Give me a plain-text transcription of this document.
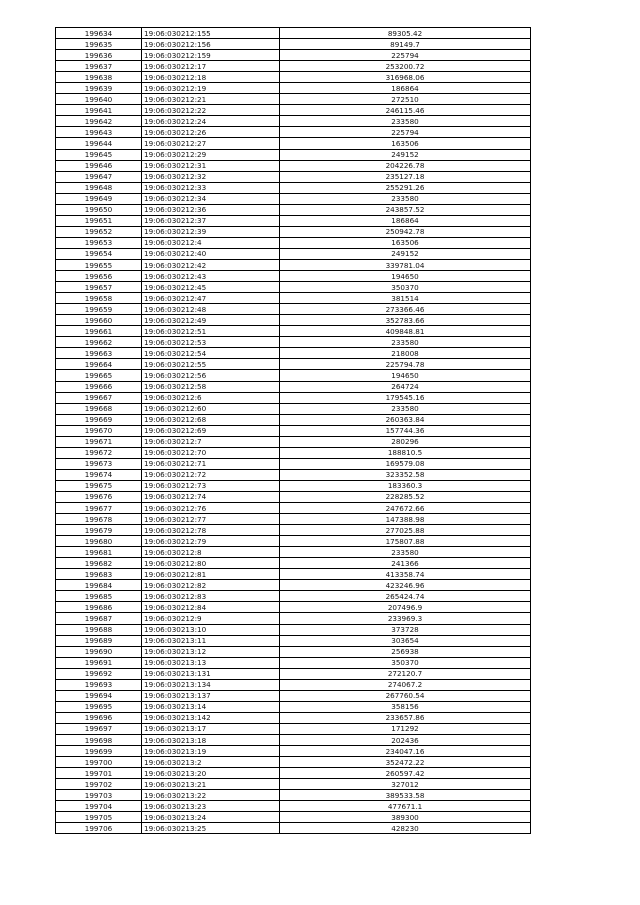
199634	19:06:030212:155	89305.42
199635	19:06:030212:156	89149.7
199636	19:06:030212:159	225794
199637	19:06:030212:17	253200.72
199638	19:06:030212:18	316968.06
199639	19:06:030212:19	186864
199640	19:06:030212:21	272510
199641	19:06:030212:22	246115.46
199642	19:06:030212:24	233580
199643	19:06:030212:26	225794
199644	19:06:030212:27	163506
199645	19:06:030212:29	249152
199646	19:06:030212:31	204226.78
199647	19:06:030212:32	235127.18
199648	19:06:030212:33	255291.26
199649	19:06:030212:34	233580
199650	19:06:030212:36	243857.52
199651	19:06:030212:37	186864
199652	19:06:030212:39	250942.78
199653	19:06:030212:4	163506
199654	19:06:030212:40	249152
199655	19:06:030212:42	339781.04
199656	19:06:030212:43	194650
199657	19:06:030212:45	350370
199658	19:06:030212:47	381514
199659	19:06:030212:48	273366.46
199660	19:06:030212:49	352783.66
199661	19:06:030212:51	409848.81
199662	19:06:030212:53	233580
199663	19:06:030212:54	218008
199664	19:06:030212:55	225794.78
199665	19:06:030212:56	194650
199666	19:06:030212:58	264724
199667	19:06:030212:6	179545.16
199668	19:06:030212:60	233580
199669	19:06:030212:68	260363.84
199670	19:06:030212:69	157744.36
199671	19:06:030212:7	280296
199672	19:06:030212:70	188810.5
199673	19:06:030212:71	169579.08
199674	19:06:030212:72	323352.58
199675	19:06:030212:73	183360.3
199676	19:06:030212:74	228285.52
199677	19:06:030212:76	247672.66
199678	19:06:030212:77	147388.98
199679	19:06:030212:78	277025.88
199680	19:06:030212:79	175807.88
199681	19:06:030212:8	233580
199682	19:06:030212:80	241366
199683	19:06:030212:81	413358.74
199684	19:06:030212:82	423246.96
199685	19:06:030212:83	265424.74
199686	19:06:030212:84	207496.9
199687	19:06:030212:9	233969.3
199688	19:06:030213:10	373728
199689	19:06:030213:11	303654
199690	19:06:030213:12	256938
199691	19:06:030213:13	350370
199692	19:06:030213:131	272120.7
199693	19:06:030213:134	274067.2
199694	19:06:030213:137	267760.54
199695	19:06:030213:14	358156
199696	19:06:030213:142	233657.86
199697	19:06:030213:17	171292
199698	19:06:030213:18	202436
199699	19:06:030213:19	234047.16
199700	19:06:030213:2	352472.22
199701	19:06:030213:20	260597.42
199702	19:06:030213:21	327012
199703	19:06:030213:22	389533.58
199704	19:06:030213:23	477671.1
199705	19:06:030213:24	389300
199706	19:06:030213:25	428230
